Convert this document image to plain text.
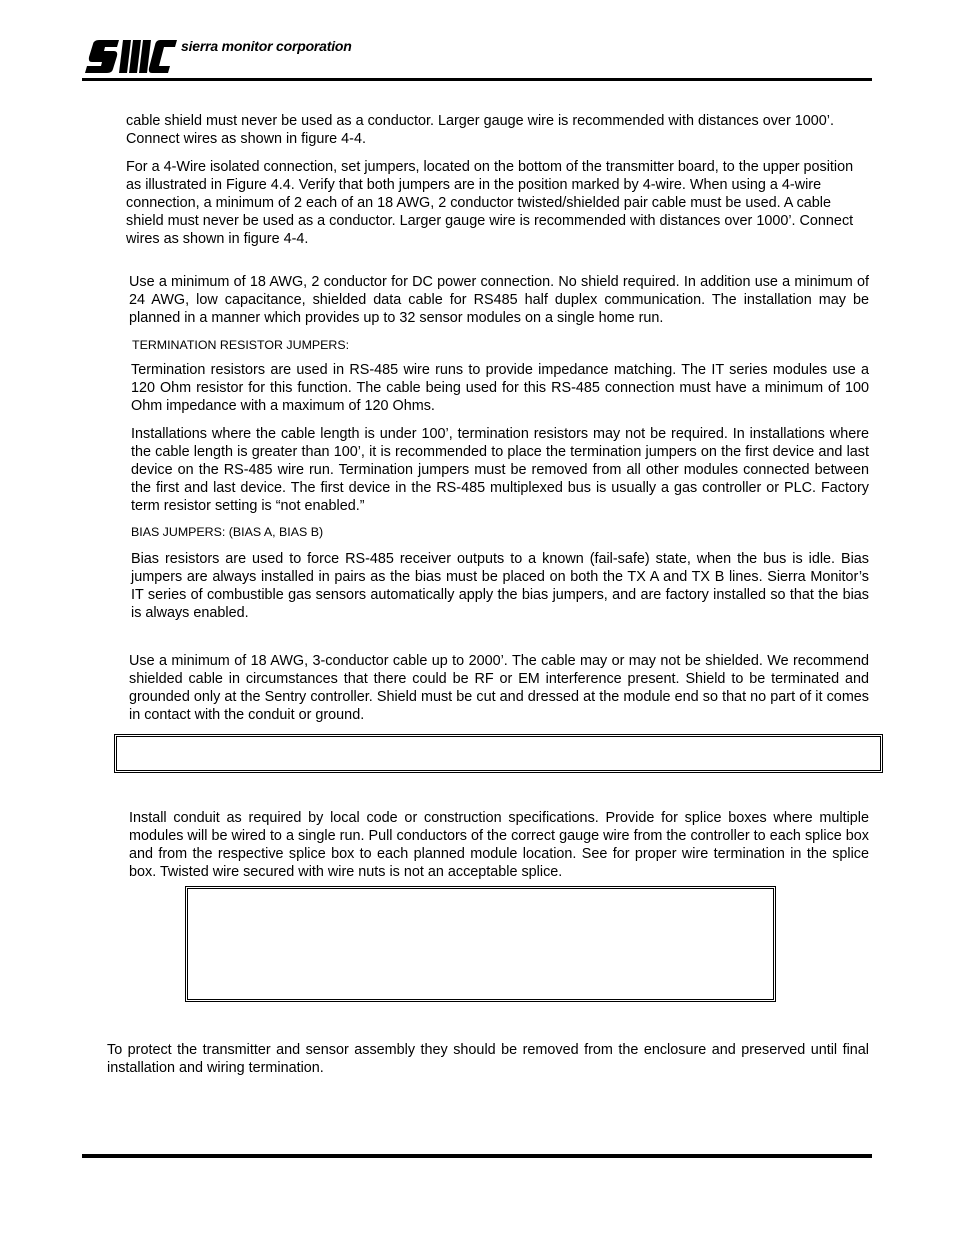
sierra monitor corporation

cable shield must never be used as a conductor. Larger gauge wire is recommended with distances over 1000’. Connect wires as shown in figure 4-4.

For a 4-Wire isolated connection, set jumpers, located on the bottom of the transmitter board, to the upper position as illustrated in Figure 4.4. Verify that both jumpers are in the position marked by 4-wire. When using a 4-wire connection, a minimum of 2 each of an 18 AWG, 2 conductor twisted/shielded pair cable must be used. A cable shield must never be used as a conductor. Larger gauge wire is recommended with distances over 1000’. Connect wires as shown in figure 4-4.

Use a minimum of 18 AWG, 2 conductor for DC power connection. No shield required. In addition use a minimum of 24 AWG, low capacitance, shielded data cable for RS485 half duplex communication. The installation may be planned in a manner which provides up to 32 sensor modules on a single home run.

TERMINATION RESISTOR JUMPERS:

Termination resistors are used in RS-485 wire runs to provide impedance matching. The IT series modules use a 120 Ohm resistor for this function. The cable being used for this RS-485 connection must have a minimum of 100 Ohm impedance with a maximum of 120 Ohms.

Installations where the cable length is under 100’, termination resistors may not be required. In installations where the cable length is greater than 100’, it is recommended to place the termination jumpers on the first device and last device on the RS-485 wire run. Termination jumpers must be removed from all other modules connected between the first and last device. The first device in the RS-485 multiplexed bus is usually a gas controller or PLC. Factory term resistor setting is “not enabled.”

BIAS JUMPERS: (BIAS A, BIAS B)

Bias resistors are used to force RS-485 receiver outputs to a known (fail-safe) state, when the bus is idle. Bias jumpers are always installed in pairs as the bias must be placed on both the TX A and TX B lines. Sierra Monitor’s IT series of combustible gas sensors automatically apply the bias jumpers, and are factory installed so that the bias is always enabled.

Use a minimum of 18 AWG, 3-conductor cable up to 2000’. The cable may or may not be shielded. We recommend shielded cable in circumstances that there could be RF or EM interference present. Shield to be terminated and grounded only at the Sentry controller. Shield must be cut and dressed at the module end so that no part of it comes in contact with the conduit or ground.

Install conduit as required by local code or construction specifications. Provide for splice boxes where multiple modules will be wired to a single run. Pull conductors of the correct gauge wire from the controller to each splice box and from the respective splice box to each planned module location. See for proper wire termination in the splice box. Twisted wire secured with wire nuts is not an acceptable splice.

To protect the transmitter and sensor assembly they should be removed from the enclosure and preserved until final installation and wiring termination.
